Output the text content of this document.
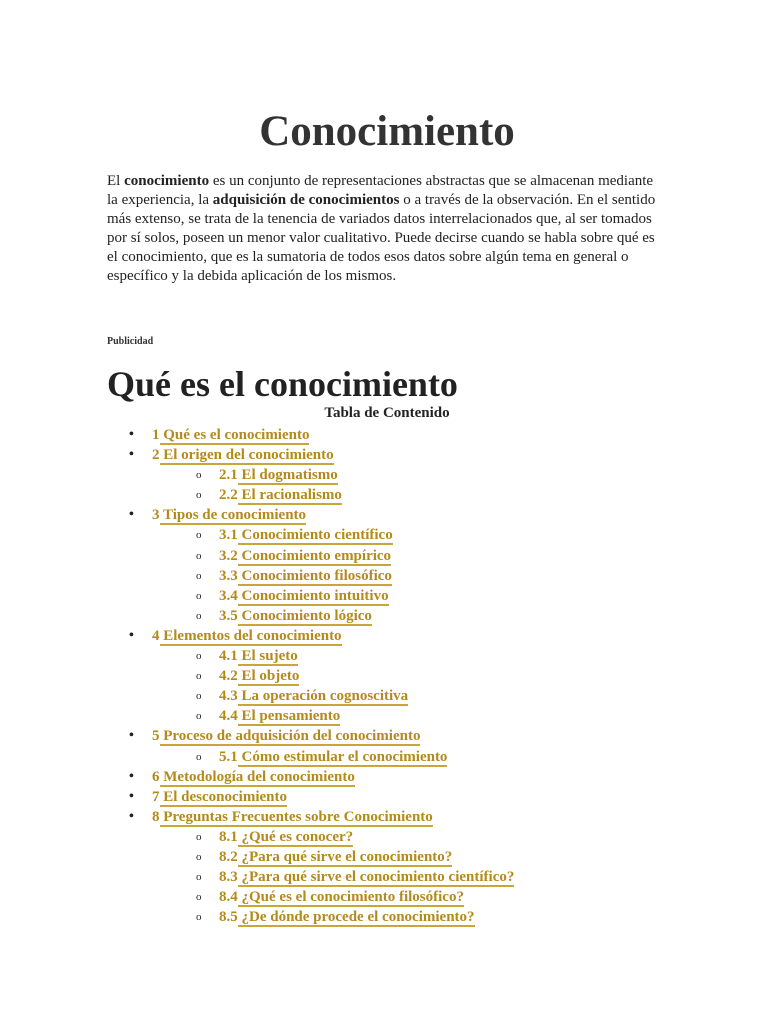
Conocimiento

El conocimiento es un conjunto de representaciones abstractas que se almacenan mediante la experiencia, la adquisición de conocimientos o a través de la observación. En el sentido más extenso, se trata de la tenencia de variados datos interrelacionados que, al ser tomados por sí solos, poseen un menor valor cualitativo. Puede decirse cuando se habla sobre qué es el conocimiento, que es la sumatoria de todos esos datos sobre algún tema en general o específico y la debida aplicación de los mismos.

Publicidad

Qué es el conocimiento

Tabla de Contenido

• 1 Qué es el conocimiento
• 2 El origen del conocimiento
o 2.1 El dogmatismo
o 2.2 El racionalismo
• 3 Tipos de conocimiento
o 3.1 Conocimiento científico
o 3.2 Conocimiento empírico
o 3.3 Conocimiento filosófico
o 3.4 Conocimiento intuitivo
o 3.5 Conocimiento lógico
• 4 Elementos del conocimiento
o 4.1 El sujeto
o 4.2 El objeto
o 4.3 La operación cognoscitiva
o 4.4 El pensamiento
• 5 Proceso de adquisición del conocimiento
o 5.1 Cómo estimular el conocimiento
• 6 Metodología del conocimiento
• 7 El desconocimiento
• 8 Preguntas Frecuentes sobre Conocimiento
o 8.1 ¿Qué es conocer?
o 8.2 ¿Para qué sirve el conocimiento?
o 8.3 ¿Para qué sirve el conocimiento científico?
o 8.4 ¿Qué es el conocimiento filosófico?
o 8.5 ¿De dónde procede el conocimiento?
